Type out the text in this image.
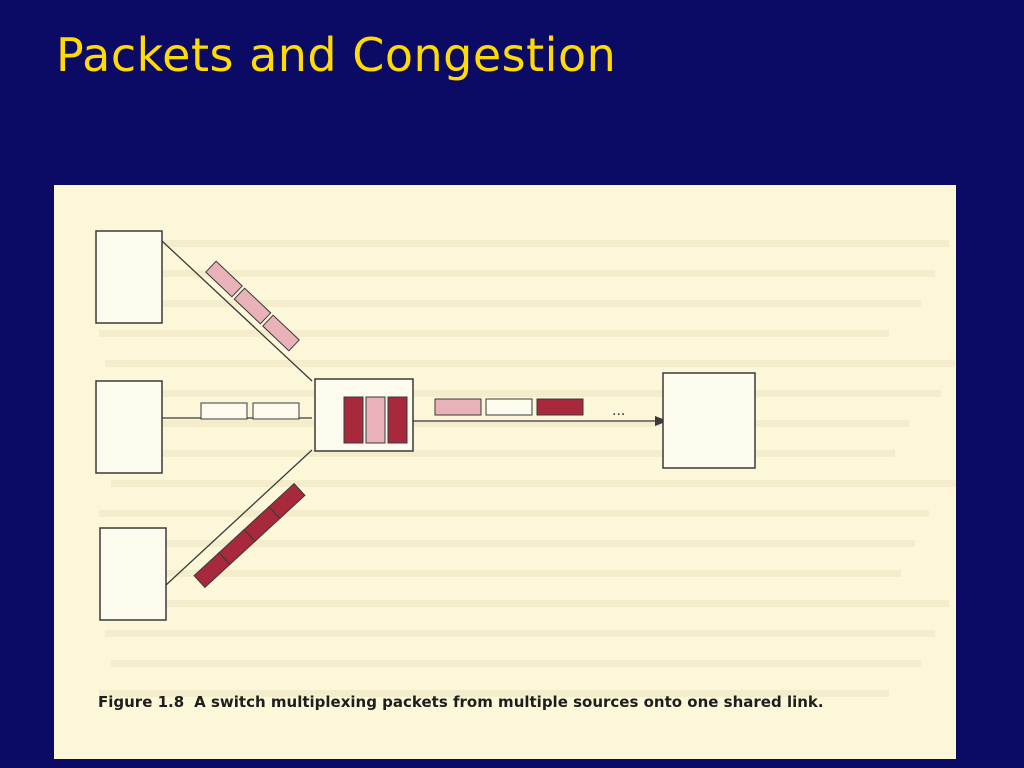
Packets and Congestion
...
Figure 1.8 A switch multiplexing packets from multiple sources onto one shared link.
